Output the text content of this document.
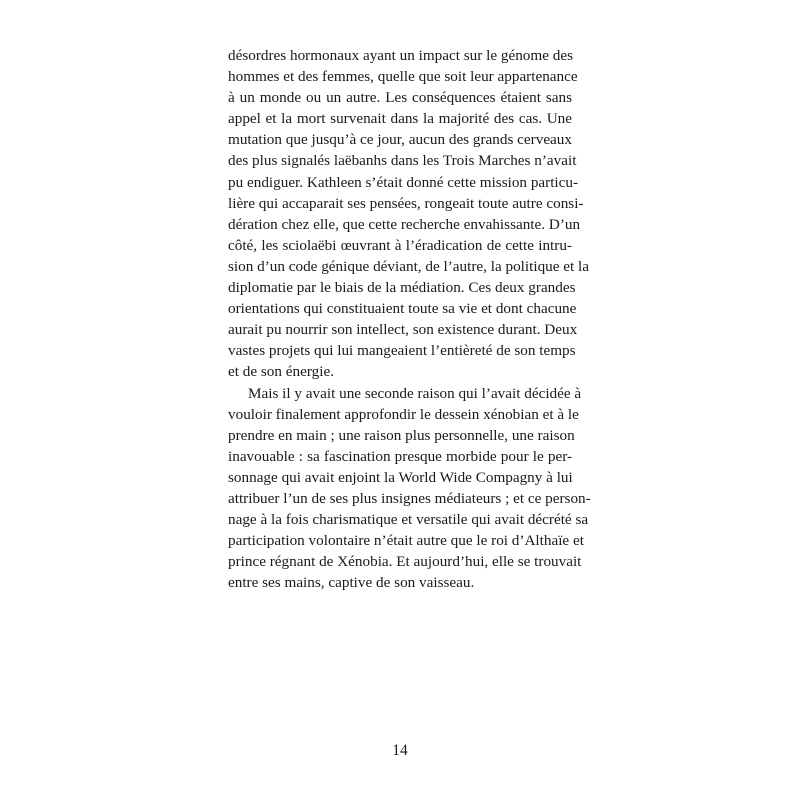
désordres hormonaux ayant un impact sur le génome des
hommes et des femmes, quelle que soit leur appartenance
à un monde ou un autre. Les conséquences étaient sans
appel et la mort survenait dans la majorité des cas. Une
mutation que jusqu’à ce jour, aucun des grands cerveaux
des plus signalés laëbanhs dans les Trois Marches n’avait
pu endiguer. Kathleen s’était donné cette mission particu-
lière qui accaparait ses pensées, rongeait toute autre consi-
dération chez elle, que cette recherche envahissante. D’un
côté, les sciolaëbi œuvrant à l’éradication de cette intru-
sion d’un code génique déviant, de l’autre, la politique et la
diplomatie par le biais de la médiation. Ces deux grandes
orientations qui constituaient toute sa vie et dont chacune
aurait pu nourrir son intellect, son existence durant. Deux
vastes projets qui lui mangeaient l’entièreté de son temps
et de son énergie.
Mais il y avait une seconde raison qui l’avait décidée à
vouloir finalement approfondir le dessein xénobian et à le
prendre en main ; une raison plus personnelle, une raison
inavouable : sa fascination presque morbide pour le per-
sonnage qui avait enjoint la World Wide Compagny à lui
attribuer l’un de ses plus insignes médiateurs ; et ce person-
nage à la fois charismatique et versatile qui avait décrété sa
participation volontaire n’était autre que le roi d’Althaïe et
prince régnant de Xénobia. Et aujourd’hui, elle se trouvait
entre ses mains, captive de son vaisseau.
14
